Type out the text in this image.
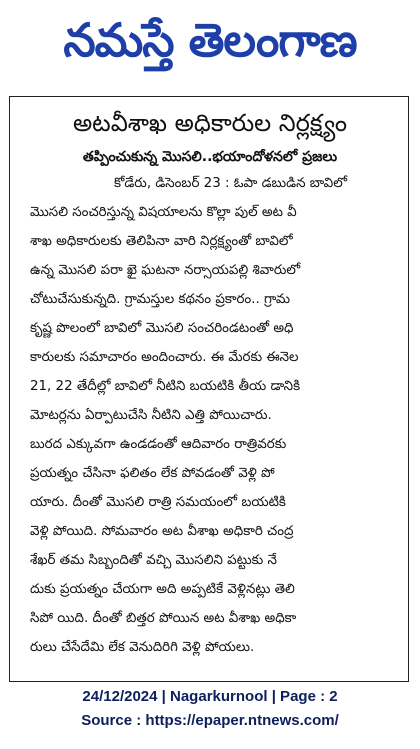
నమస్తే తెలంగాణ
అటవీశాఖ అధికారుల నిర్లక్ష్యం
తప్పించుకున్న మొసలి..భయాందోళనలో ప్రజలు
కోడేరు, డిసెంబర్ 23 : ఓపా డబుడిన బావిలో
మొసలి సంచరిస్తున్న విషయాలను కొల్లా పుల్ అట వీ
శాఖ అధికారులకు తెలిపినా వారి నిర్లక్ష్యంతో బావిలో
ఉన్న మొసలి పరా ఖై ఘటనా నర్సాయపల్లి శివారులో
చోటుచేసుకున్నది. గ్రామస్తుల కథనం ప్రకారం.. గ్రామ
కృష్ణ పొలంలో బావిలో మొసలి సంచరిండటంతో అధి
కారులకు సమాచారం అందించారు. ఈ మేరకు ఈనెల
21, 22 తేదీల్లో బావిలో నీటిని బయటికి తీయ డానికి
మోటర్లను ఏర్పాటుచేసి నీటిని ఎత్తి పోయిచారు.
బురద ఎక్కువగా ఉండడంతో ఆదివారం రాత్రివరకు
ప్రయత్నం చేసినా ఫలితం లేక పోవడంతో వెళ్లి పో
యారు. దీంతో మొసలి రాత్రి సమయంలో బయటికి
వెళ్లి పోయిది. సోమవారం అట వీశాఖ అధికారి చంద్ర
శేఖర్ తమ సిబ్బందితో వచ్చి మొసలిని పట్టుకు నే
దుకు ప్రయత్నం చేయగా అది అప్పటికే వెళ్లినట్లు తెలి
సిపో యిది. దీంతో బిత్తర పోయిన అట వీశాఖ అధికా
రులు చేసేదేమి లేక వెనుదిరిగి వెళ్లి పోయలు.
24/12/2024 | Nagarkurnool | Page : 2
Source : https://epaper.ntnews.com/
